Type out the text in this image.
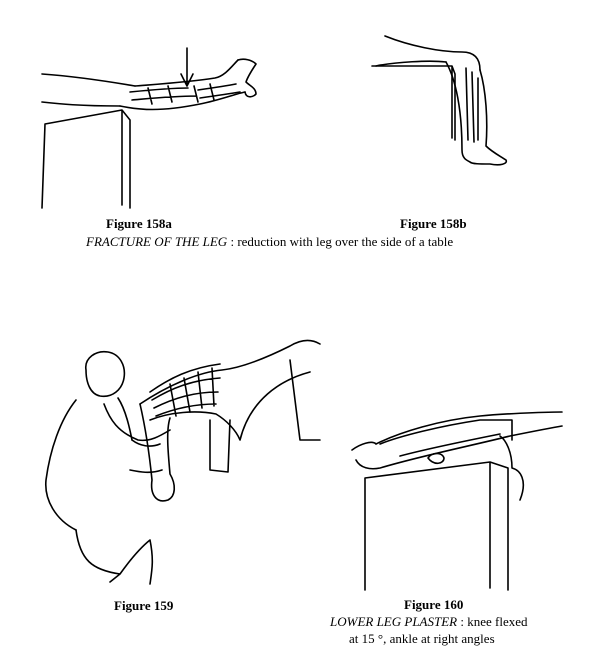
Figure 158a	Figure 158b
FRACTURE OF THE LEG : reduction with leg over the side of a table
Figure 159	Figure 160
LOWER LEG PLASTER : knee flexed
at 15 °, ankle at right angles
